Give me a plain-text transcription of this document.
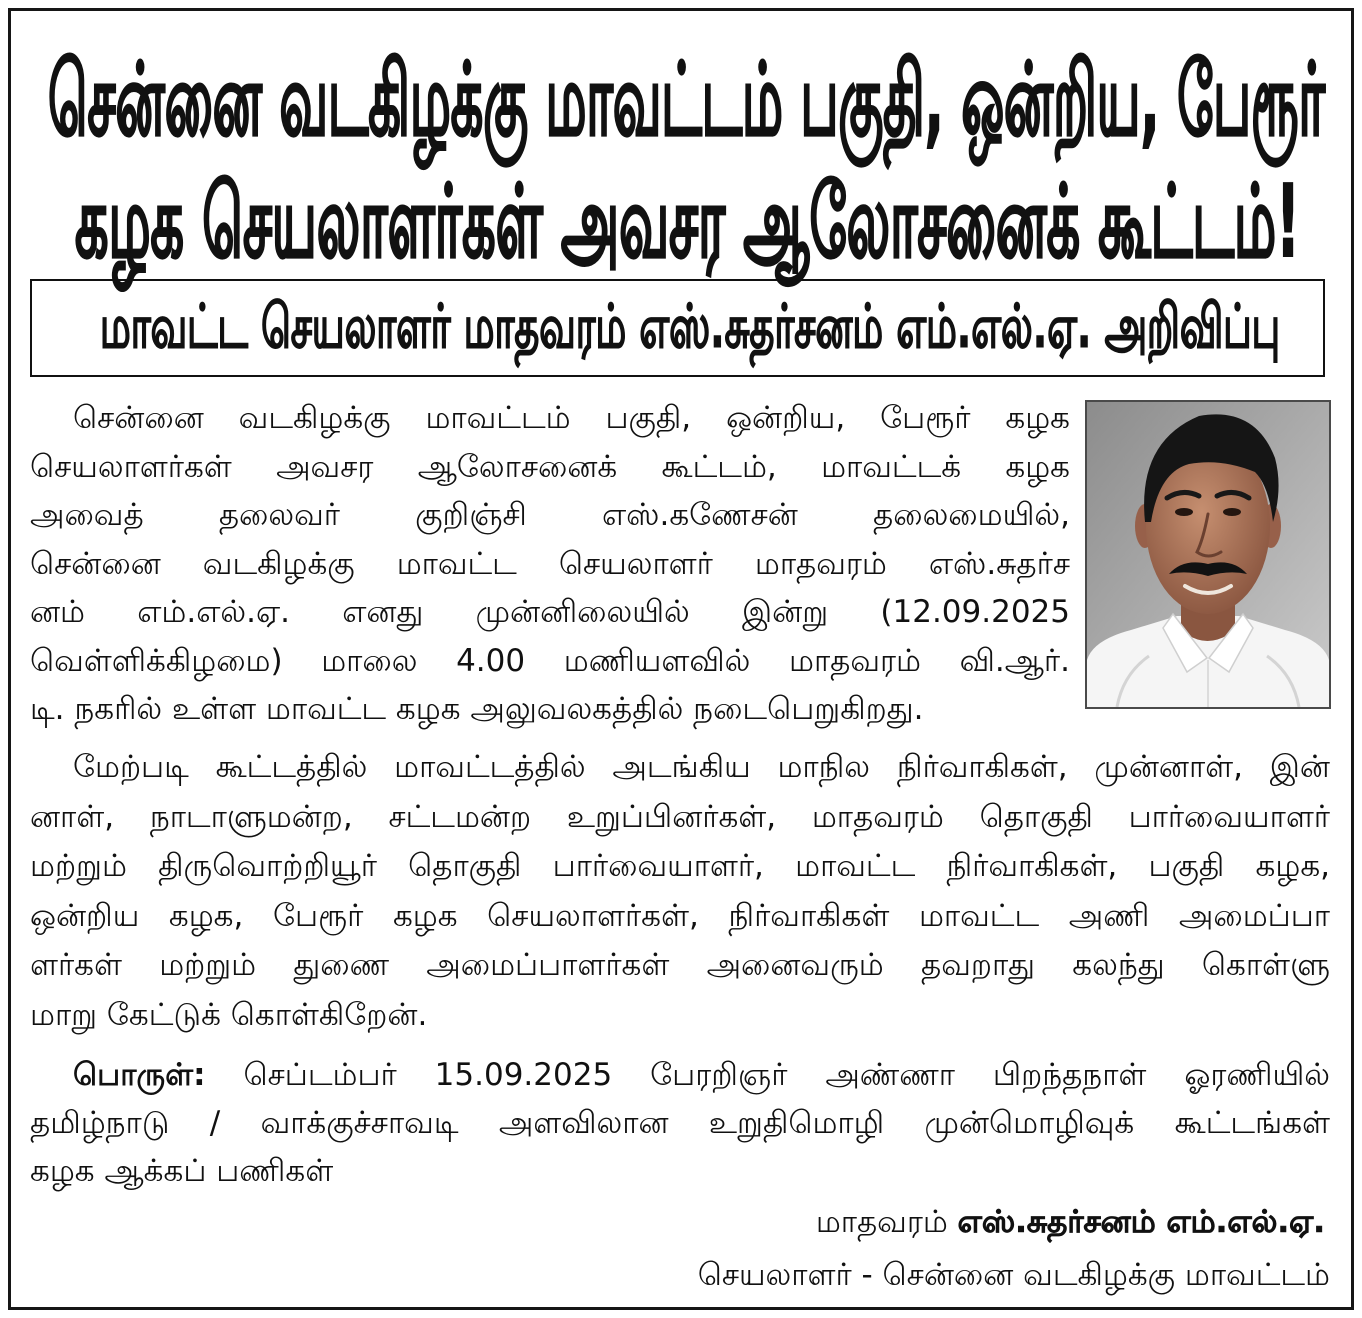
சென்னை வடகிழக்கு மாவட்டம் பகுதி, ஒன்றிய, பேரூர்
கழக செயலாளர்கள் அவசர ஆலோசனைக் கூட்டம்!
மாவட்ட செயலாளர் மாதவரம் எஸ்.சுதர்சனம் எம்.எல்.ஏ. அறிவிப்பு
சென்னை வடகிழக்கு மாவட்டம் பகுதி, ஒன்றிய, பேரூர் கழக
செயலாளர்கள் அவசர ஆலோசனைக் கூட்டம், மாவட்டக் கழக
அவைத் தலைவர் குறிஞ்சி எஸ்.கணேசன் தலைமையில்,
சென்னை வடகிழக்கு மாவட்ட செயலாளர் மாதவரம் எஸ்.சுதர்ச
னம் எம்.எல்.ஏ. எனது முன்னிலையில் இன்று (12.09.2025
வெள்ளிக்கிழமை) மாலை 4.00 மணியளவில் மாதவரம் வி.ஆர்.
டி. நகரில் உள்ள மாவட்ட கழக அலுவலகத்தில் நடைபெறுகிறது.
மேற்படி கூட்டத்தில் மாவட்டத்தில் அடங்கிய மாநில நிர்வாகிகள், முன்னாள், இன்
னாள், நாடாளுமன்ற, சட்டமன்ற உறுப்பினர்கள், மாதவரம் தொகுதி பார்வையாளர்
மற்றும் திருவொற்றியூர் தொகுதி பார்வையாளர், மாவட்ட நிர்வாகிகள், பகுதி கழக,
ஒன்றிய கழக, பேரூர் கழக செயலாளர்கள், நிர்வாகிகள் மாவட்ட அணி அமைப்பா
ளர்கள் மற்றும் துணை அமைப்பாளர்கள் அனைவரும் தவறாது கலந்து கொள்ளு
மாறு கேட்டுக் கொள்கிறேன்.
பொருள்: செப்டம்பர் 15.09.2025 பேரறிஞர் அண்ணா பிறந்தநாள் ஓரணியில்
தமிழ்நாடு / வாக்குச்சாவடி அளவிலான உறுதிமொழி முன்மொழிவுக் கூட்டங்கள்
கழக ஆக்கப் பணிகள்
மாதவரம் எஸ்.சுதர்சனம் எம்.எல்.ஏ.
செயலாளர் - சென்னை வடகிழக்கு மாவட்டம்
